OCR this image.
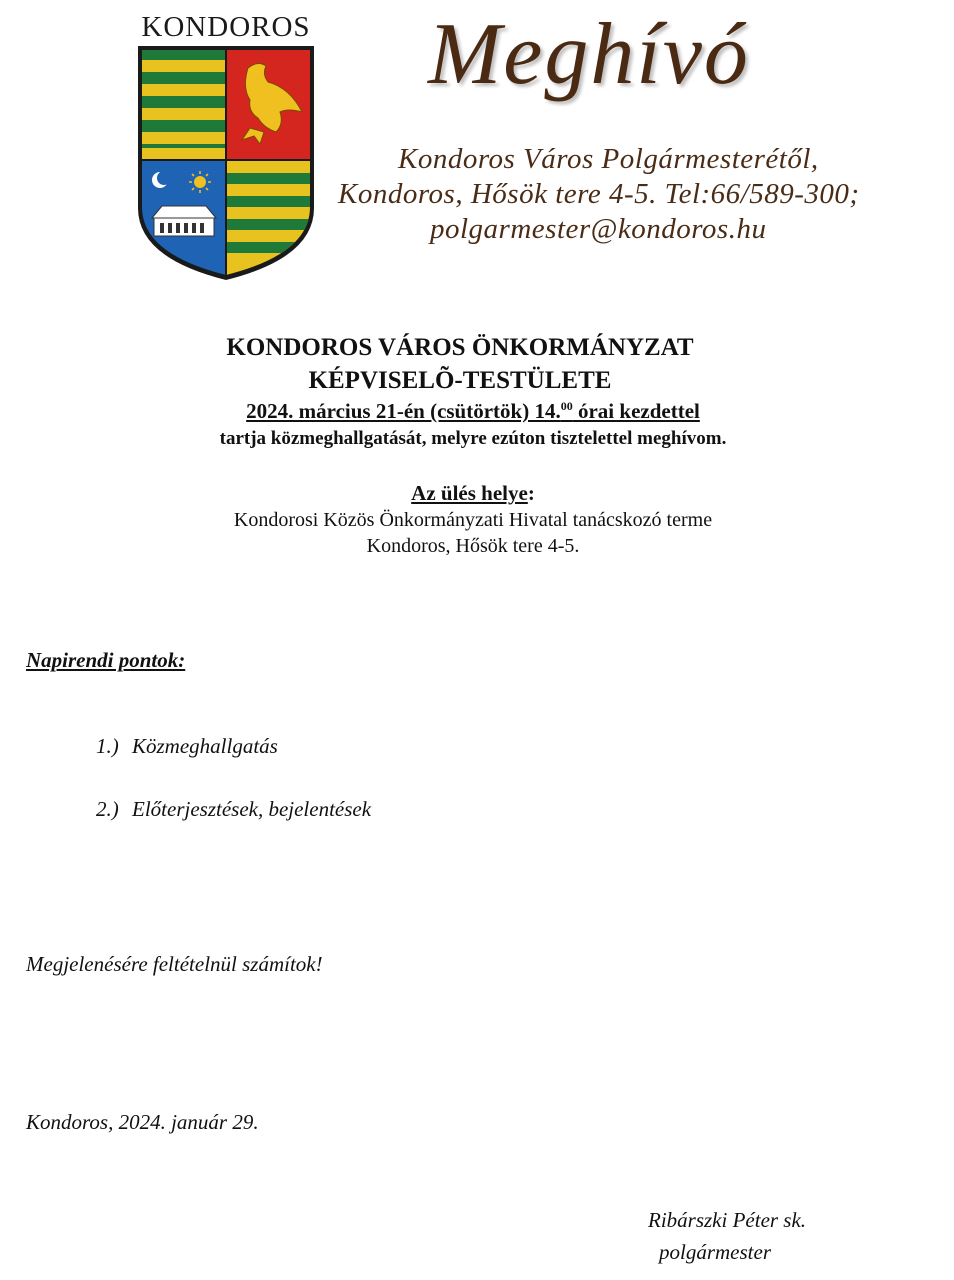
KONDOROS Meghívó
Kondoros Város Polgármesterétől,
Kondoros, Hősök tere 4-5. Tel:66/589-300;
polgarmester@kondoros.hu
KONDOROS VÁROS ÖNKORMÁNYZAT
KÉPVISELÕ-TESTÜLETE
2024. március 21-én (csütörtök) 14.00 órai kezdettel
tartja közmeghallgatását, melyre ezúton tisztelettel meghívom.
Az ülés helye:
Kondorosi Közös Önkormányzati Hivatal tanácskozó terme
Kondoros, Hősök tere 4-5.
Napirendi pontok:
1.) Közmeghallgatás
2.) Előterjesztések, bejelentések
Megjelenésére feltételnül számítok!
Kondoros, 2024. január 29.
Ribárszki Péter sk.
polgármester
